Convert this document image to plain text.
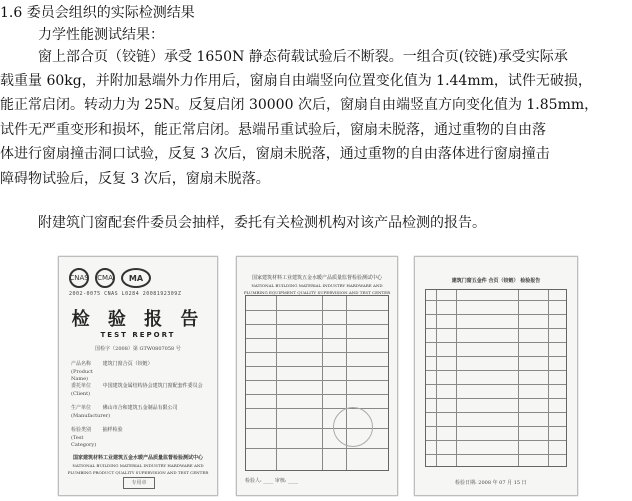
1.6 委员会组织的实际检测结果
力学性能测试结果：
窗上部合页（铰链）承受 1650N 静态荷载试验后不断裂。一组合页(铰链)承受实际承
载重量 60kg，并附加悬端外力作用后，窗扇自由端竖向位置变化值为 1.44mm，试件无破损，
能正常启闭。转动力为 25N。反复启闭 30000 次后，窗扇自由端竖直方向变化值为 1.85mm，
试件无严重变形和损坏，能正常启闭。悬端吊重试验后，窗扇未脱落，通过重物的自由落
体进行窗扇撞击洞口试验，反复 3 次后，窗扇未脱落，通过重物的自由落体进行窗扇撞击
障碍物试验后，反复 3 次后，窗扇未脱落。
附建筑门窗配套件委员会抽样，委托有关检测机构对该产品检测的报告。
CNAS	CMA	MA
2002-0075 CNAS L0284 2008192309Z
检 验 报 告
TEST REPORT
国检字（2008）第 GTW0807058 号
产品名称 建筑门窗合页（铰链）
(Product Name)
委托单位 中国建筑金属结构协会建筑门窗配套件委员会
(Client)
生产单位 佛山市合和建筑五金制品有限公司
(Manufacturer)
检验类别 抽样检验
(Test Category)
国家建筑材料工业建筑五金水暖产品质量监督检验测试中心
NATIONAL BUILDING MATERIAL INDUSTRY HARDWARE AND PLUMBING PRODUCT QUALITY SUPERVISION AND TEST CENTER
专用章
国家建筑材料工业建筑五金水暖产品质量监督检验测试中心
NATIONAL BUILDING MATERIAL INDUSTRY HARDWARE AND PLUMBING EQUIPMENT QUALITY SUPERVISION AND TEST CENTER
检验人: ____ 审核: ____
建筑门窗五金件 合页（铰链） 检验报告
检验日期: 2008 年 07 月 15 日
